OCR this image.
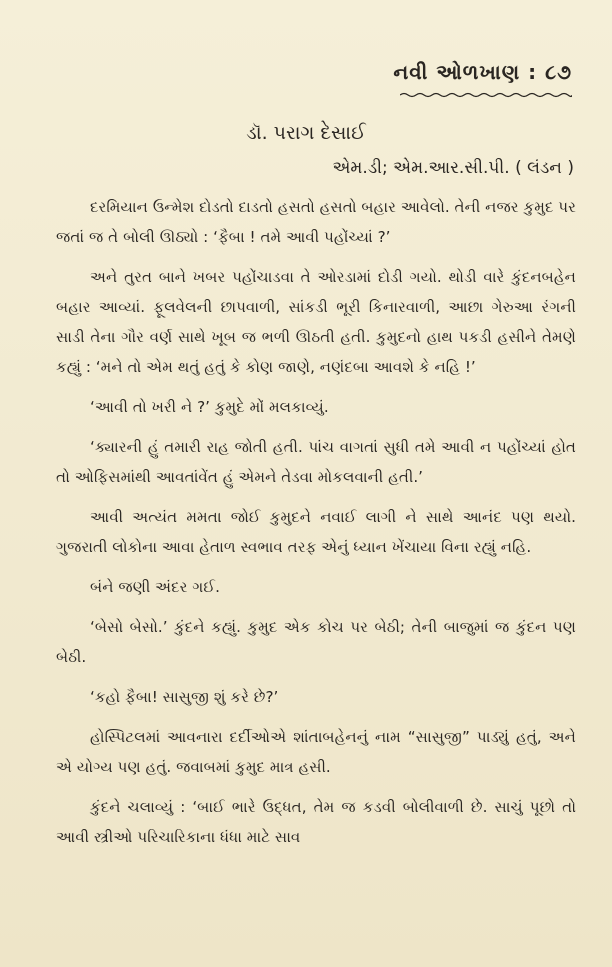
નવી ઓળખાણ : ૮૭
ડૉ. પરાગ દેસાઈ
એમ.ડી; એમ.આર.સી.પી. ( લંડન )

દરમિયાન ઉન્મેશ દોડતો દાડતો હસતો હસતો બહાર આવેલો. તેની નજર કુમુદ પર જતાં જ તે બોલી ઊઠ્યો : ‘ફૈબા ! તમે આવી પહોંચ્યાં ?’

અને તુરત બાને ખબર પહોંચાડવા તે ઓરડામાં દોડી ગયો. થોડી વારે કુંદનબહેન બહાર આવ્યાં. ફૂલવેલની છાપવાળી, સાંકડી ભૂરી કિનારવાળી, આછા ગેરુઆ રંગની સાડી તેના ગૌર વર્ણ સાથે ખૂબ જ ભળી ઊઠતી હતી. કુમુદનો હાથ પકડી હસીને તેમણે કહ્યું : ‘મને તો એમ થતું હતું કે કોણ જાણે, નણંદબા આવશે કે નહિ !’

‘આવી તો ખરી ને ?’ કુમુદે મોં મલકાવ્યું.

‘ક્યારની હું તમારી રાહ જોતી હતી. પાંચ વાગતાં સુધી તમે આવી ન પહોંચ્યાં હોત તો ઓફિસમાંથી આવતાંવેંત હું એમને તેડવા મોકલવાની હતી.’

આવી અત્યંત મમતા જોઈ કુમુદને નવાઈ લાગી ને સાથે આનંદ પણ થયો. ગુજરાતી લોકોના આવા હેતાળ સ્વભાવ તરફ એનું ધ્યાન ખેંચાયા વિના રહ્યું નહિ.

બંને જણી અંદર ગઈ.

‘બેસો બેસો.’ કુંદને કહ્યું. કુમુદ એક કોચ પર બેઠી; તેની બાજુમાં જ કુંદન પણ બેઠી.

‘કહો ફૈબા! સાસુજી શું કરે છે?’

હોસ્પિટલમાં આવનારા દર્દીઓએ શાંતાબહેનનું નામ “સાસુજી” પાડ્યું હતું, અને એ યોગ્ય પણ હતું. જવાબમાં કુમુદ માત્ર હસી.

કુંદને ચલાવ્યું : ‘બાઈ ભારે ઉદ્ધત, તેમ જ કડવી બોલીવાળી છે. સાચું પૂછો તો આવી સ્ત્રીઓ પરિચારિકાના ધંધા માટે સાવ
